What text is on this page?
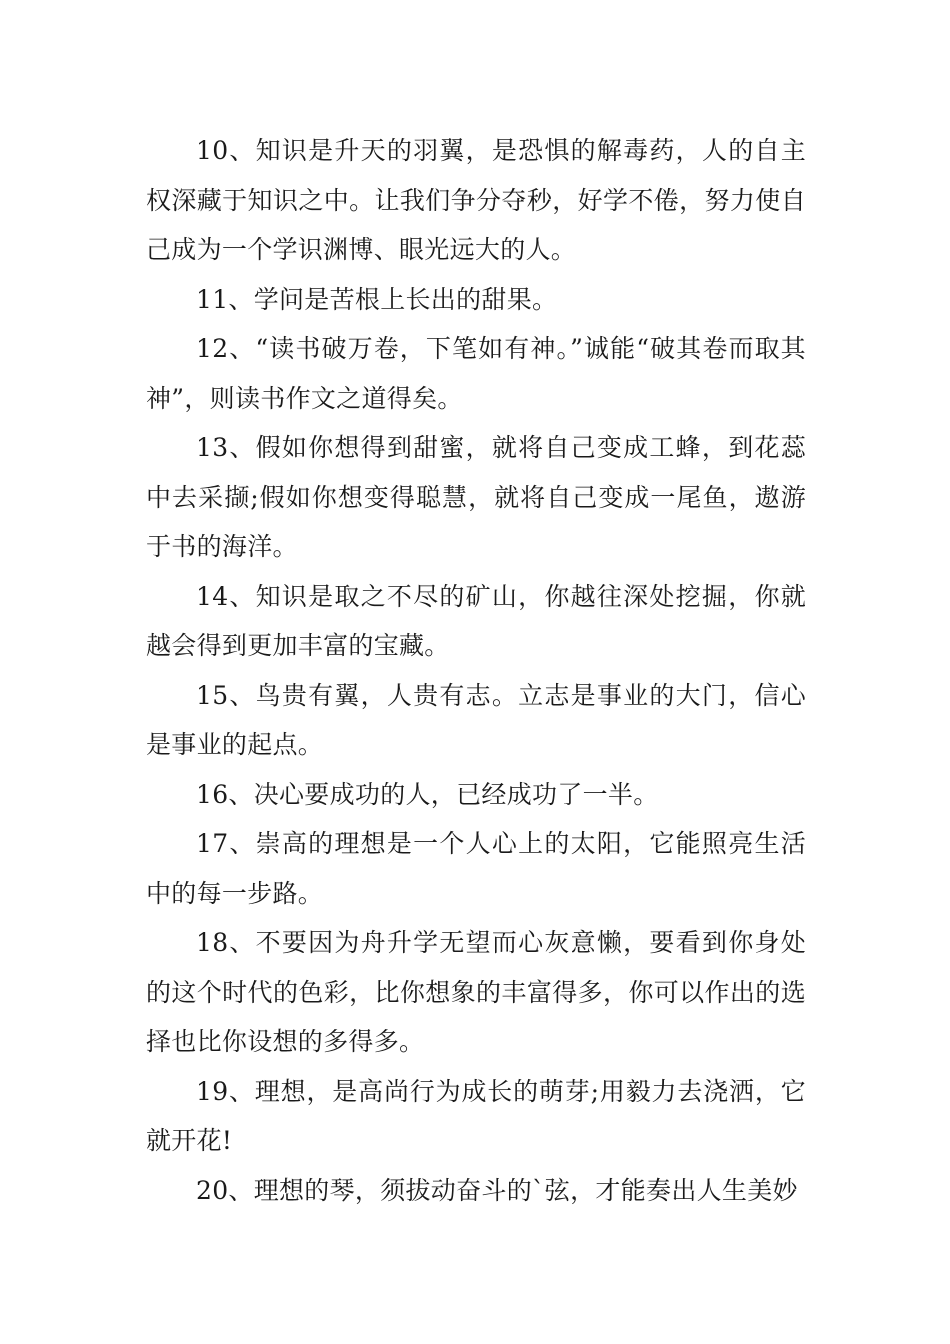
10、知识是升天的羽翼，是恐惧的解毒药，人的自主权深藏于知识之中。让我们争分夺秒，好学不倦，努力使自己成为一个学识渊博、眼光远大的人。

11、学问是苦根上长出的甜果。

12、“读书破万卷，下笔如有神。”诚能“破其卷而取其神”，则读书作文之道得矣。

13、假如你想得到甜蜜，就将自己变成工蜂，到花蕊中去采撷;假如你想变得聪慧，就将自己变成一尾鱼，遨游于书的海洋。

14、知识是取之不尽的矿山，你越往深处挖掘，你就越会得到更加丰富的宝藏。

15、鸟贵有翼，人贵有志。立志是事业的大门，信心是事业的起点。

16、决心要成功的人，已经成功了一半。

17、崇高的理想是一个人心上的太阳，它能照亮生活中的每一步路。

18、不要因为舟升学无望而心灰意懒，要看到你身处的这个时代的色彩，比你想象的丰富得多，你可以作出的选择也比你设想的多得多。

19、理想，是高尚行为成长的萌芽;用毅力去浇洒，它就开花!

20、理想的琴，须拔动奋斗的`弦，才能奏出人生美妙
